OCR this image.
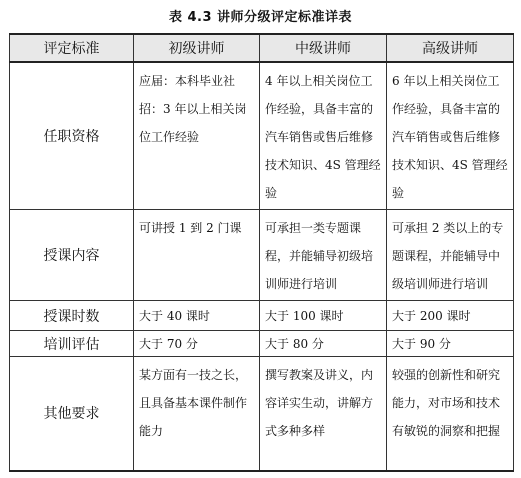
表 4.3 讲师分级评定标准详表
评定标准	初级讲师	中级讲师	高级讲师
任职资格	应届：本科毕业社招：3 年以上相关岗位工作经验	4 年以上相关岗位工作经验，具备丰富的汽车销售或售后维修技术知识、4S 管理经验	6 年以上相关岗位工作经验，具备丰富的汽车销售或售后维修技术知识、4S 管理经验
授课内容	可讲授 1 到 2 门课	可承担一类专题课程，并能辅导初级培训师进行培训	可承担 2 类以上的专题课程，并能辅导中级培训师进行培训
授课时数	大于 40 课时	大于 100 课时	大于 200 课时
培训评估	大于 70 分	大于 80 分	大于 90 分
其他要求	某方面有一技之长，且具备基本课件制作能力	撰写教案及讲义，内容详实生动，讲解方式多种多样	较强的创新性和研究能力，对市场和技术有敏锐的洞察和把握
